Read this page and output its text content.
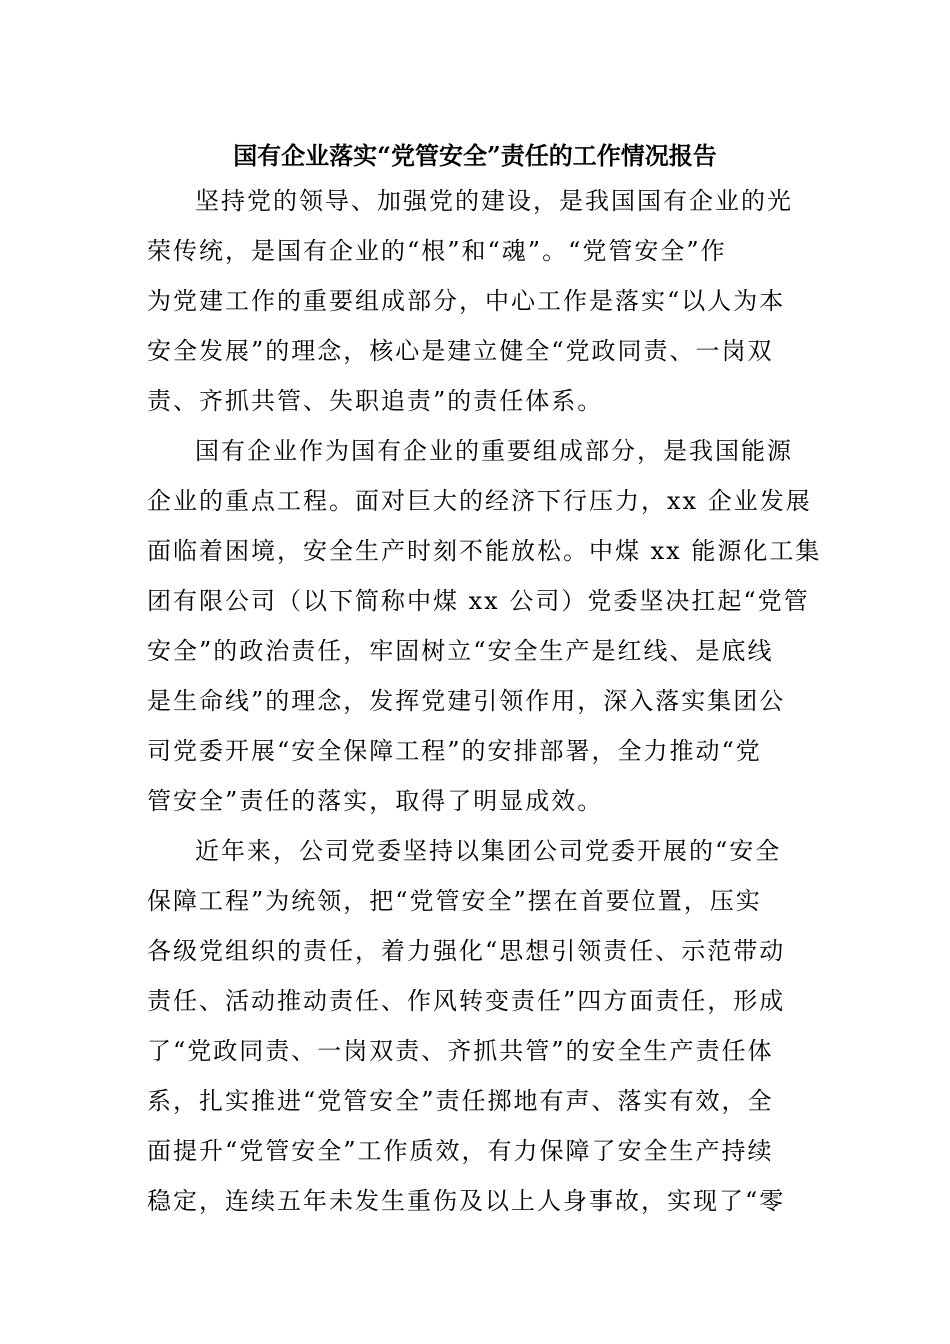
国有企业落实“党管安全”责任的工作情况报告
坚持党的领导、加强党的建设，是我国国有企业的光
荣传统，是国有企业的“根”和“魂”。“党管安全”作
为党建工作的重要组成部分，中心工作是落实“以人为本
安全发展”的理念，核心是建立健全“党政同责、一岗双
责、齐抓共管、失职追责”的责任体系。
国有企业作为国有企业的重要组成部分，是我国能源
企业的重点工程。面对巨大的经济下行压力，xx 企业发展
面临着困境，安全生产时刻不能放松。中煤 xx 能源化工集
团有限公司（以下简称中煤 xx 公司）党委坚决扛起“党管
安全”的政治责任，牢固树立“安全生产是红线、是底线
是生命线”的理念，发挥党建引领作用，深入落实集团公
司党委开展“安全保障工程”的安排部署，全力推动“党
管安全”责任的落实，取得了明显成效。
近年来，公司党委坚持以集团公司党委开展的“安全
保障工程”为统领，把“党管安全”摆在首要位置，压实
各级党组织的责任，着力强化“思想引领责任、示范带动
责任、活动推动责任、作风转变责任”四方面责任，形成
了“党政同责、一岗双责、齐抓共管”的安全生产责任体
系，扎实推进“党管安全”责任掷地有声、落实有效，全
面提升“党管安全”工作质效，有力保障了安全生产持续
稳定，连续五年未发生重伤及以上人身事故，实现了“零
